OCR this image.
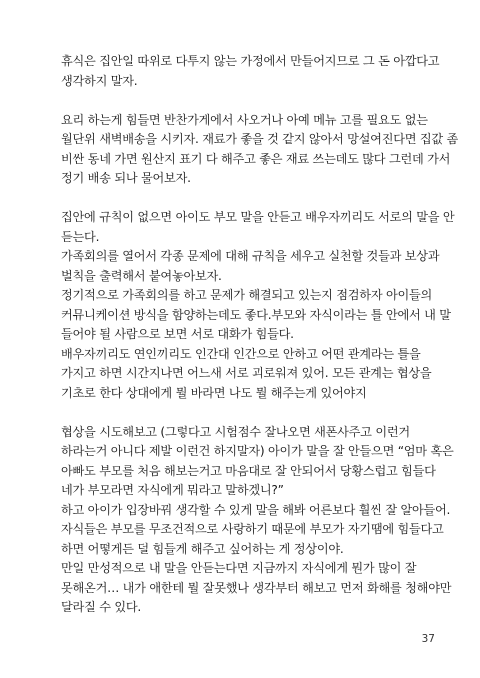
휴식은 집안일 따위로 다투지 않는 가정에서 만들어지므로 그 돈 아깝다고
생각하지 말자.
요리 하는게 힘들면 반찬가게에서 사오거나 아예 메뉴 고를 필요도 없는
월단위 새벽배송을 시키자. 재료가 좋을 것 같지 않아서 망설여진다면 집값 좀
비싼 동네 가면 원산지 표기 다 해주고 좋은 재료 쓰는데도 많다 그런데 가서
정기 배송 되나 물어보자.
집안에 규칙이 없으면 아이도 부모 말을 안듣고 배우자끼리도 서로의 말을 안
듣는다.
가족회의를 열어서 각종 문제에 대해 규칙을 세우고 실천할 것들과 보상과
벌칙을 출력해서 붙여놓아보자.
정기적으로 가족회의를 하고 문제가 해결되고 있는지 점검하자 아이들의
커뮤니케이션 방식을 함양하는데도 좋다.부모와 자식이라는 틀 안에서 내 말
들어야 될 사람으로 보면 서로 대화가 힘들다.
배우자끼리도 연인끼리도 인간대 인간으로 안하고 어떤 관계라는 틀을
가지고 하면 시간지나면 어느새 서로 괴로워져 있어. 모든 관계는 협상을
기초로 한다 상대에게 뭘 바라면 나도 뭘 해주는게 있어야지
협상을 시도해보고 (그렇다고 시험점수 잘나오면 새폰사주고 이런거
하라는거 아니다 제발 이런건 하지말자) 아이가 말을 잘 안들으면 “엄마 혹은
아빠도 부모를 처음 해보는거고 마음대로 잘 안되어서 당황스럽고 힘들다
네가 부모라면 자식에게 뭐라고 말하겠니?”
하고 아이가 입장바꿔 생각할 수 있게 말을 해봐 어른보다 훨씬 잘 알아들어.
자식들은 부모를 무조건적으로 사랑하기 때문에 부모가 자기땜에 힘들다고
하면 어떻게든 덜 힘들게 해주고 싶어하는 게 정상이야.
만일 만성적으로 내 말을 안듣는다면 지금까지 자식에게 뭔가 많이 잘
못해온거… 내가 애한테 뭘 잘못했나 생각부터 해보고 먼저 화해를 청해야만
달라질 수 있다.
37
